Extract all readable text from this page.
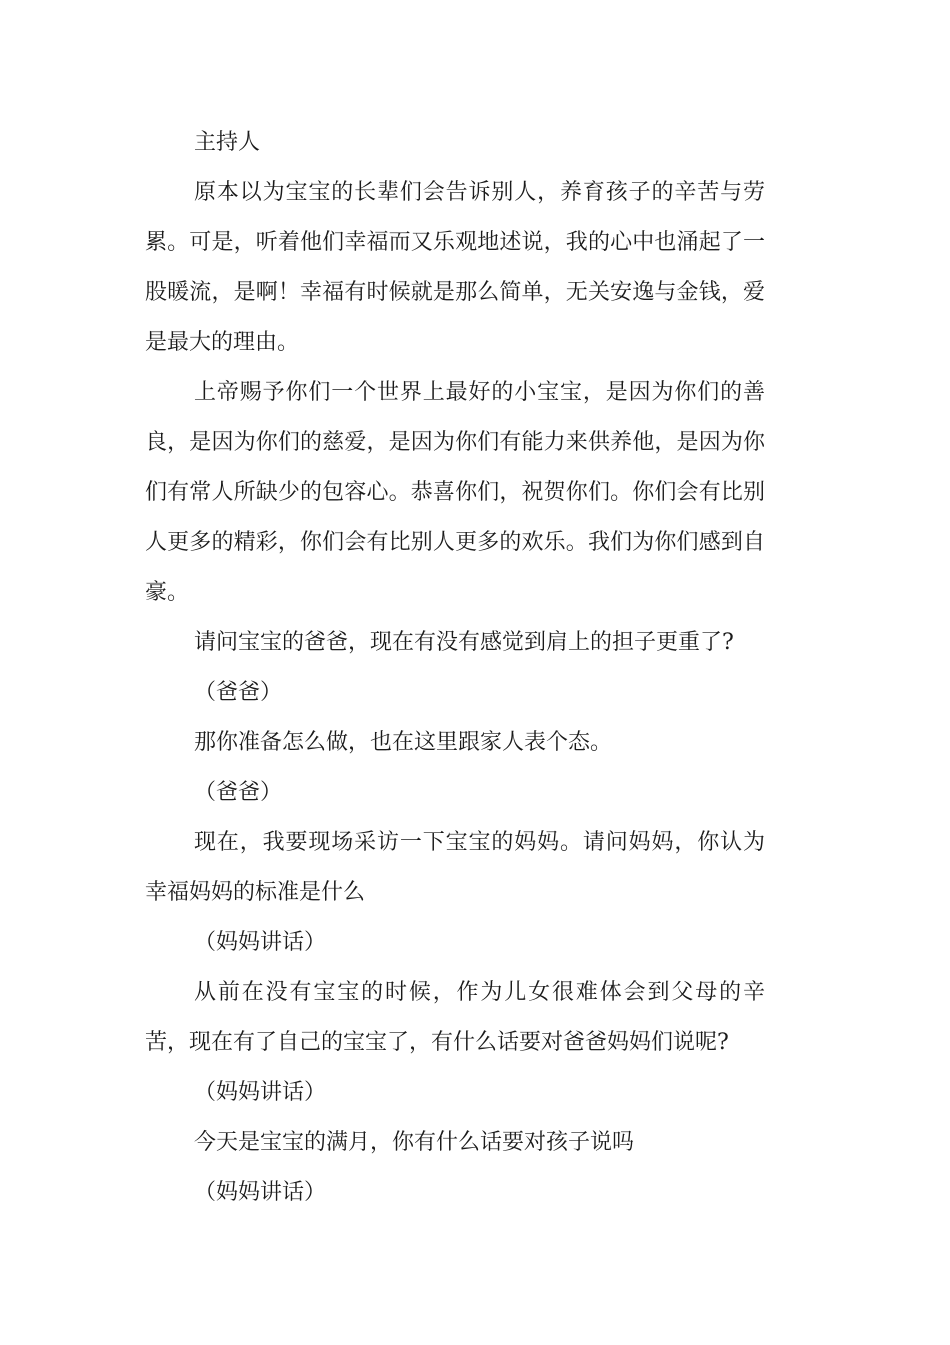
主持人

原本以为宝宝的长辈们会告诉别人，养育孩子的辛苦与劳累。可是，听着他们幸福而又乐观地述说，我的心中也涌起了一股暖流，是啊！幸福有时候就是那么简单，无关安逸与金钱，爱是最大的理由。

上帝赐予你们一个世界上最好的小宝宝，是因为你们的善良，是因为你们的慈爱，是因为你们有能力来供养他，是因为你们有常人所缺少的包容心。恭喜你们，祝贺你们。你们会有比别人更多的精彩，你们会有比别人更多的欢乐。我们为你们感到自豪。

请问宝宝的爸爸，现在有没有感觉到肩上的担子更重了?

（爸爸）

那你准备怎么做，也在这里跟家人表个态。

（爸爸）

现在，我要现场采访一下宝宝的妈妈。请问妈妈，你认为幸福妈妈的标准是什么

（妈妈讲话）

从前在没有宝宝的时候，作为儿女很难体会到父母的辛苦，现在有了自己的宝宝了，有什么话要对爸爸妈妈们说呢?

（妈妈讲话）

今天是宝宝的满月，你有什么话要对孩子说吗

（妈妈讲话）
